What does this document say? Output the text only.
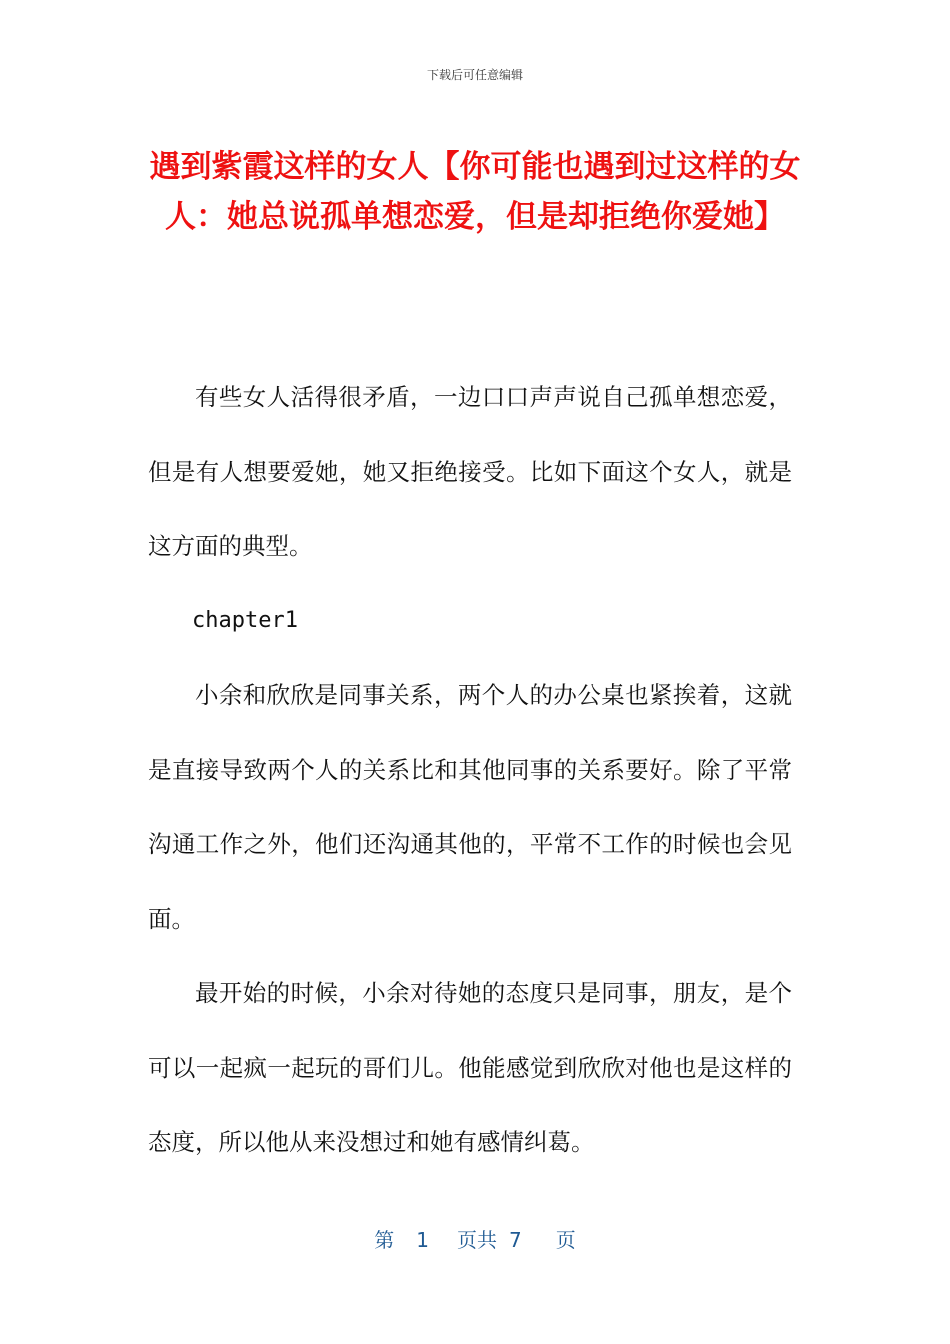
下载后可任意编辑
遇到紫霞这样的女人【你可能也遇到过这样的女人：她总说孤单想恋爱，但是却拒绝你爱她】

有些女人活得很矛盾，一边口口声声说自己孤单想恋爱，但是有人想要爱她，她又拒绝接受。比如下面这个女人，就是这方面的典型。

chapter1

小余和欣欣是同事关系，两个人的办公桌也紧挨着，这就是直接导致两个人的关系比和其他同事的关系要好。除了平常沟通工作之外，他们还沟通其他的，平常不工作的时候也会见面。

最开始的时候，小余对待她的态度只是同事，朋友，是个可以一起疯一起玩的哥们儿。他能感觉到欣欣对他也是这样的态度，所以他从来没想过和她有感情纠葛。

第 1 页共 7 页
